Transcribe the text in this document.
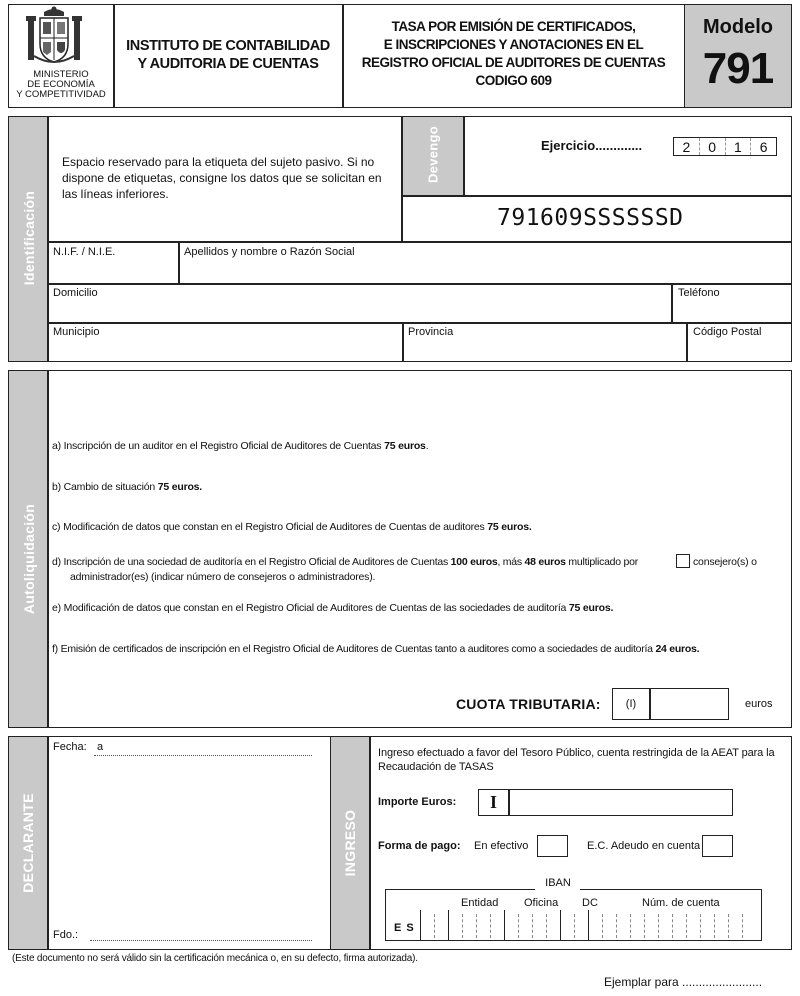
MINISTERIO
DE ECONOMÍA
Y COMPETITIVIDAD
INSTITUTO DE CONTABILIDAD
Y AUDITORIA DE CUENTAS
TASA POR EMISIÓN DE CERTIFICADOS,
E INSCRIPCIONES Y ANOTACIONES EN EL
REGISTRO OFICIAL DE AUDITORES DE CUENTAS
CODIGO 609
Modelo
791
Identificación
Espacio reservado para la etiqueta del sujeto pasivo. Si no dispone de etiquetas, consigne los datos que se solicitan en las líneas inferiores.
Devengo	Ejercicio.............	2	0	1	6
791609SSSSSSD
N.I.F. / N.I.E.	Apellidos y nombre o Razón Social
Domicilio	Teléfono
Municipio	Provincia	Código Postal
Autoliquidación
a) Inscripción de un auditor en el Registro Oficial de Auditores de Cuentas 75 euros.
b) Cambio de situación 75 euros.
c) Modificación de datos que constan en el Registro Oficial de Auditores de Cuentas de auditores 75 euros.
d) Inscripción de una sociedad de auditoría en el Registro Oficial de Auditores de Cuentas 100 euros, más 48 euros multiplicado por	consejero(s) o
administrador(es) (indicar número de consejeros o administradores).
e) Modificación de datos que constan en el Registro Oficial de Auditores de Cuentas de las sociedades de auditoría 75 euros.
f) Emisión de certificados de inscripción en el Registro Oficial de Auditores de Cuentas tanto a auditores como a sociedades de auditoría 24 euros.
CUOTA TRIBUTARIA:	(I)	euros
DECLARANTE
Fecha: a
Fdo.:
INGRESO
Ingreso efectuado a favor del Tesoro Público, cuenta restringida de la AEAT para la Recaudación de TASAS
Importe Euros:	I
Forma de pago: En efectivo	E.C. Adeudo en cuenta
IBAN
Entidad Oficina DC	Núm. de cuenta
E S
(Este documento no será válido sin la certificación mecánica o, en su defecto, firma autorizada).
Ejemplar para ........................
